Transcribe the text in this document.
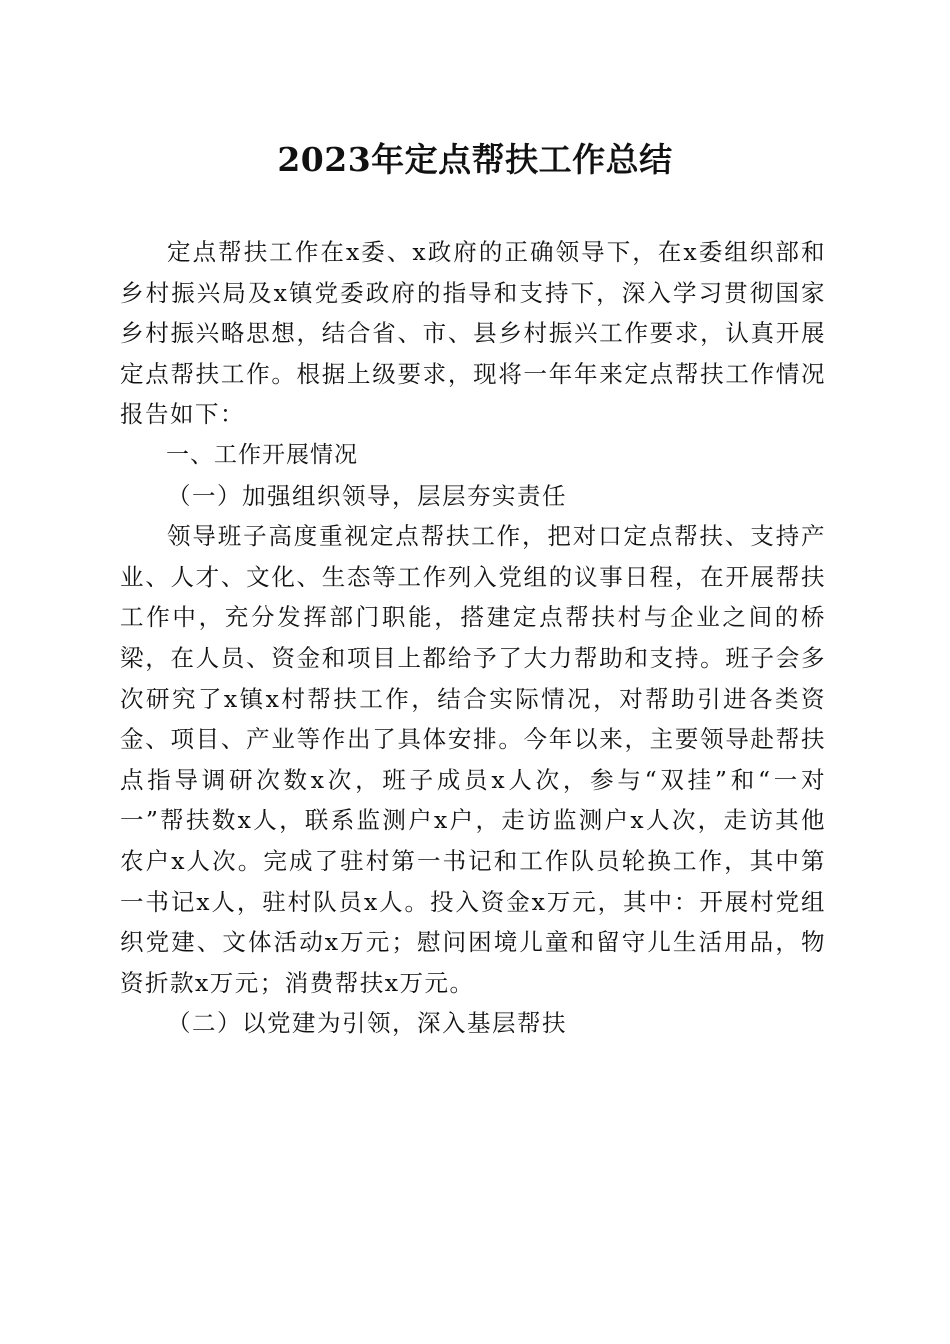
2023年定点帮扶工作总结

定点帮扶工作在x委、x政府的正确领导下，在x委组织部和乡村振兴局及x镇党委政府的指导和支持下，深入学习贯彻国家乡村振兴略思想，结合省、市、县乡村振兴工作要求，认真开展定点帮扶工作。根据上级要求，现将一年年来定点帮扶工作情况报告如下：

一、工作开展情况

（一）加强组织领导，层层夯实责任

领导班子高度重视定点帮扶工作，把对口定点帮扶、支持产业、人才、文化、生态等工作列入党组的议事日程，在开展帮扶工作中，充分发挥部门职能，搭建定点帮扶村与企业之间的桥梁，在人员、资金和项目上都给予了大力帮助和支持。班子会多次研究了x镇x村帮扶工作，结合实际情况，对帮助引进各类资金、项目、产业等作出了具体安排。今年以来，主要领导赴帮扶点指导调研次数x次，班子成员x人次，参与“双挂”和“一对一”帮扶数x人，联系监测户x户，走访监测户x人次，走访其他农户x人次。完成了驻村第一书记和工作队员轮换工作，其中第一书记x人，驻村队员x人。投入资金x万元，其中：开展村党组织党建、文体活动x万元；慰问困境儿童和留守儿生活用品，物资折款x万元；消费帮扶x万元。

（二）以党建为引领，深入基层帮扶
